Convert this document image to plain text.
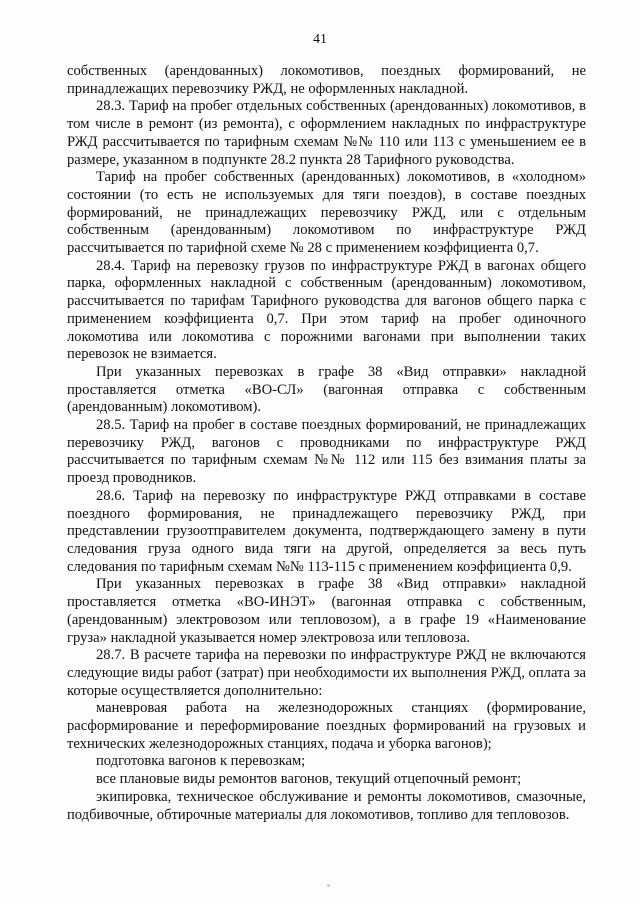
41

собственных (арендованных) локомотивов, поездных формирований, не принадлежащих перевозчику РЖД, не оформленных накладной.

28.3. Тариф на пробег отдельных собственных (арендованных) локомотивов, в том числе в ремонт (из ремонта), с оформлением накладных по инфраструктуре РЖД рассчитывается по тарифным схемам №№ 110 или 113 с уменьшением ее в размере, указанном в подпункте 28.2 пункта 28 Тарифного руководства.

Тариф на пробег собственных (арендованных) локомотивов, в «холодном» состоянии (то есть не используемых для тяги поездов), в составе поездных формирований, не принадлежащих перевозчику РЖД, или с отдельным собственным (арендованным) локомотивом по инфраструктуре РЖД рассчитывается по тарифной схеме № 28 с применением коэффициента 0,7.

28.4. Тариф на перевозку грузов по инфраструктуре РЖД в вагонах общего парка, оформленных накладной с собственным (арендованным) локомотивом, рассчитывается по тарифам Тарифного руководства для вагонов общего парка с применением коэффициента 0,7. При этом тариф на пробег одиночного локомотива или локомотива с порожними вагонами при выполнении таких перевозок не взимается.

При указанных перевозках в графе 38 «Вид отправки» накладной проставляется отметка «ВО-СЛ» (вагонная отправка с собственным (арендованным) локомотивом).

28.5. Тариф на пробег в составе поездных формирований, не принадлежащих перевозчику РЖД, вагонов с проводниками по инфраструктуре РЖД рассчитывается по тарифным схемам №№ 112 или 115 без взимания платы за проезд проводников.

28.6. Тариф на перевозку по инфраструктуре РЖД отправками в составе поездного формирования, не принадлежащего перевозчику РЖД, при представлении грузоотправителем документа, подтверждающего замену в пути следования груза одного вида тяги на другой, определяется за весь путь следования по тарифным схемам №№ 113-115 с применением коэффициента 0,9.

При указанных перевозках в графе 38 «Вид отправки» накладной проставляется отметка «ВО-ИНЭТ» (вагонная отправка с собственным, (арендованным) электровозом или тепловозом), а в графе 19 «Наименование груза» накладной указывается номер электровоза или тепловоза.

28.7. В расчете тарифа на перевозки по инфраструктуре РЖД не включаются следующие виды работ (затрат) при необходимости их выполнения РЖД, оплата за которые осуществляется дополнительно:

маневровая работа на железнодорожных станциях (формирование, расформирование и переформирование поездных формирований на грузовых и технических железнодорожных станциях, подача и уборка вагонов);

подготовка вагонов к перевозкам;

все плановые виды ремонтов вагонов, текущий отцепочный ремонт;

экипировка, техническое обслуживание и ремонты локомотивов, смазочные, подбивочные, обтирочные материалы для локомотивов, топливо для тепловозов.
